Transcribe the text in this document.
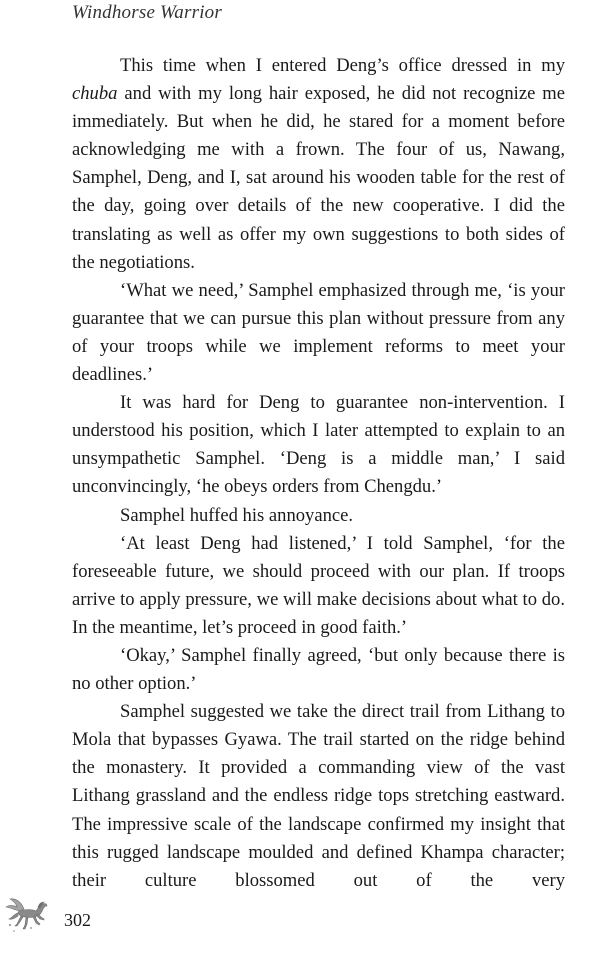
Windhorse Warrior

This time when I entered Deng’s office dressed in my chuba and with my long hair exposed, he did not recognize me immediately. But when he did, he stared for a moment before acknowledging me with a frown. The four of us, Nawang, Samphel, Deng, and I, sat around his wooden table for the rest of the day, going over details of the new cooperative. I did the translating as well as offer my own suggestions to both sides of the negotiations.

‘What we need,’ Samphel emphasized through me, ‘is your guarantee that we can pursue this plan without pressure from any of your troops while we implement reforms to meet your deadlines.’

It was hard for Deng to guarantee non-intervention. I understood his position, which I later attempted to explain to an unsympathetic Samphel. ‘Deng is a middle man,’ I said unconvincingly, ‘he obeys orders from Chengdu.’

Samphel huffed his annoyance.

‘At least Deng had listened,’ I told Samphel, ‘for the foreseeable future, we should proceed with our plan. If troops arrive to apply pressure, we will make decisions about what to do. In the meantime, let’s proceed in good faith.’

‘Okay,’ Samphel finally agreed, ‘but only because there is no other option.’

Samphel suggested we take the direct trail from Lithang to Mola that bypasses Gyawa. The trail started on the ridge behind the monastery. It provided a commanding view of the vast Lithang grassland and the endless ridge tops stretching eastward. The impressive scale of the landscape confirmed my insight that this rugged landscape moulded and defined Khampa character; their culture blossomed out of the very

302
